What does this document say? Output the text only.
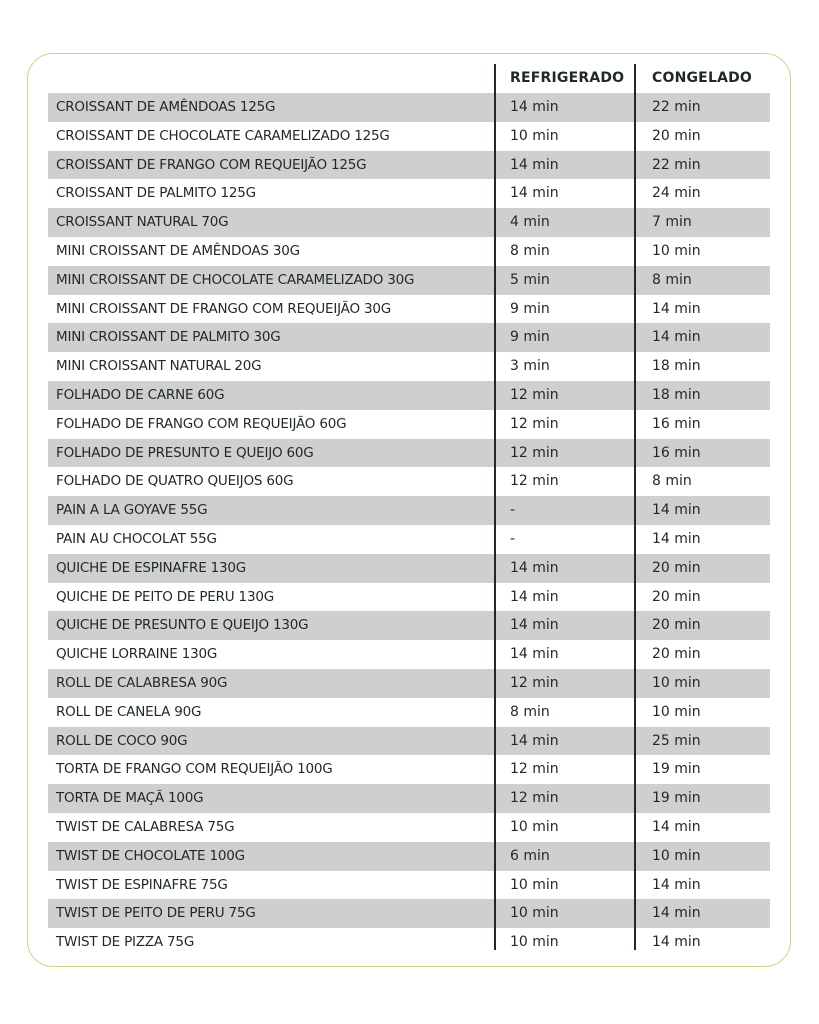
REFRIGERADO CONGELADO
CROISSANT DE AMÊNDOAS 125G	14 min	22 min
CROISSANT DE CHOCOLATE CARAMELIZADO 125G	10 min	20 min
CROISSANT DE FRANGO COM REQUEIJÃO 125G	14 min	22 min
CROISSANT DE PALMITO 125G	14 min	24 min
CROISSANT NATURAL 70G	4 min	7 min
MINI CROISSANT DE AMÊNDOAS 30G	8 min	10 min
MINI CROISSANT DE CHOCOLATE CARAMELIZADO 30G	5 min	8 min
MINI CROISSANT DE FRANGO COM REQUEIJÃO 30G	9 min	14 min
MINI CROISSANT DE PALMITO 30G	9 min	14 min
MINI CROISSANT NATURAL 20G	3 min	18 min
FOLHADO DE CARNE 60G	12 min	18 min
FOLHADO DE FRANGO COM REQUEIJÃO 60G	12 min	16 min
FOLHADO DE PRESUNTO E QUEIJO 60G	12 min	16 min
FOLHADO DE QUATRO QUEIJOS 60G	12 min	8 min
PAIN A LA GOYAVE 55G	-	14 min
PAIN AU CHOCOLAT 55G	-	14 min
QUICHE DE ESPINAFRE 130G	14 min	20 min
QUICHE DE PEITO DE PERU 130G	14 min	20 min
QUICHE DE PRESUNTO E QUEIJO 130G	14 min	20 min
QUICHE LORRAINE 130G	14 min	20 min
ROLL DE CALABRESA 90G	12 min	10 min
ROLL DE CANELA 90G	8 min	10 min
ROLL DE COCO 90G	14 min	25 min
TORTA DE FRANGO COM REQUEIJÃO 100G	12 min	19 min
TORTA DE MAÇÃ 100G	12 min	19 min
TWIST DE CALABRESA 75G	10 min	14 min
TWIST DE CHOCOLATE 100G	6 min	10 min
TWIST DE ESPINAFRE 75G	10 min	14 min
TWIST DE PEITO DE PERU 75G	10 min	14 min
TWIST DE PIZZA 75G	10 min	14 min
